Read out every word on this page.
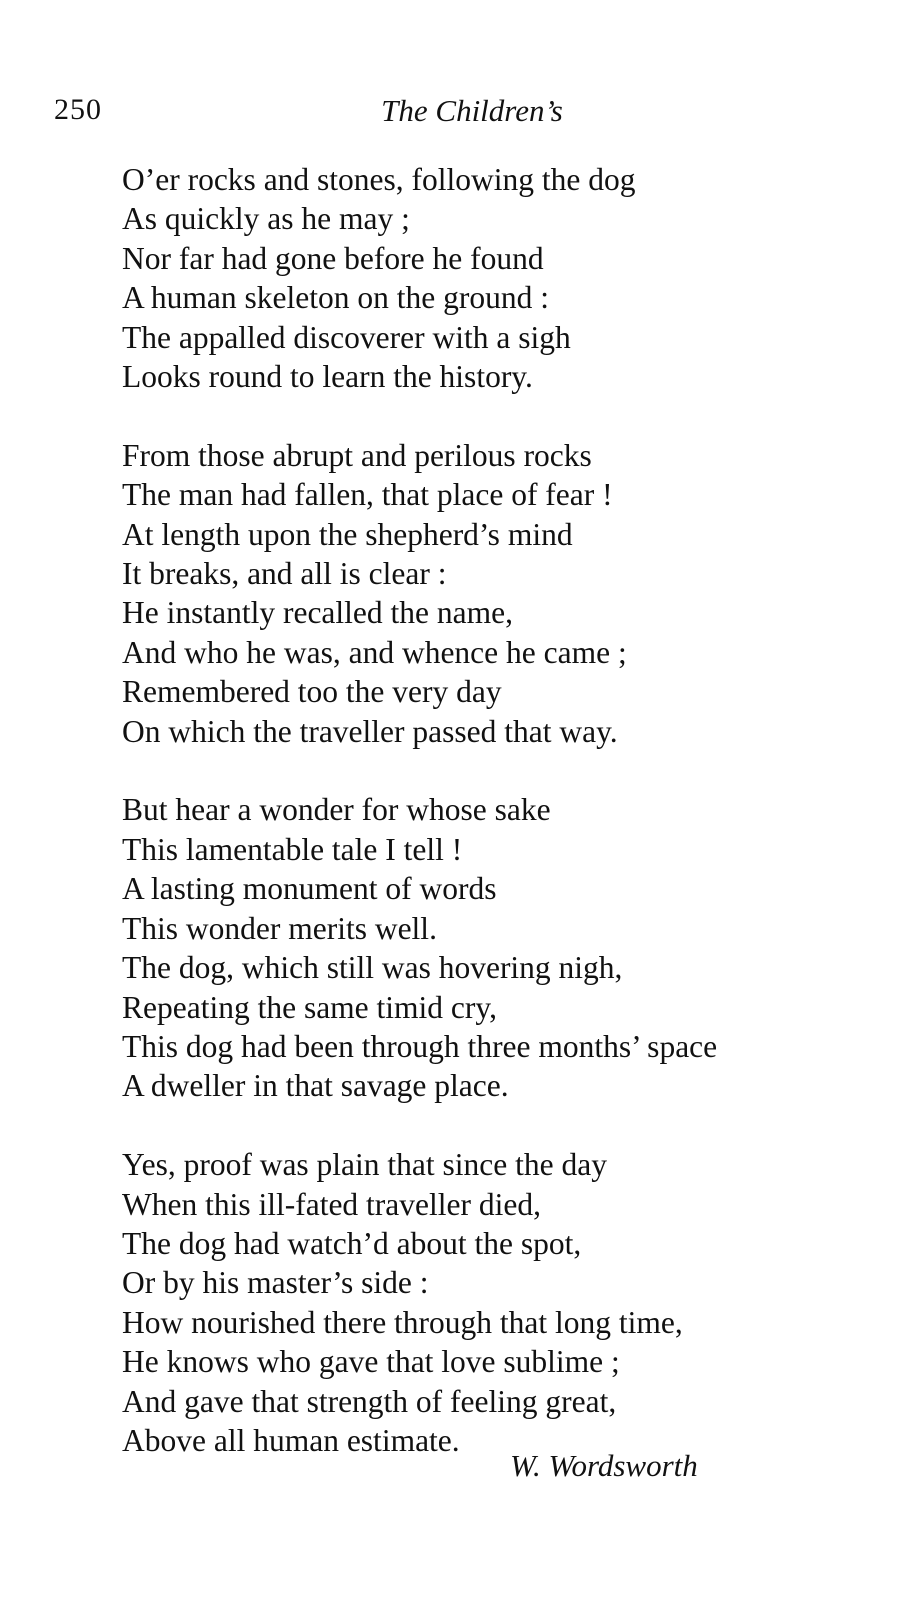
250	The Children’s
O’er rocks and stones, following the dog
As quickly as he may ;
Nor far had gone before he found
A human skeleton on the ground :
The appalled discoverer with a sigh
Looks round to learn the history.
From those abrupt and perilous rocks
The man had fallen, that place of fear !
At length upon the shepherd’s mind
It breaks, and all is clear :
He instantly recalled the name,
And who he was, and whence he came ;
Remembered too the very day
On which the traveller passed that way.
But hear a wonder for whose sake
This lamentable tale I tell !
A lasting monument of words
This wonder merits well.
The dog, which still was hovering nigh,
Repeating the same timid cry,
This dog had been through three months’ space
A dweller in that savage place.
Yes, proof was plain that since the day
When this ill-fated traveller died,
The dog had watch’d about the spot,
Or by his master’s side :
How nourished there through that long time,
He knows who gave that love sublime ;
And gave that strength of feeling great,
Above all human estimate.
W. Wordsworth
